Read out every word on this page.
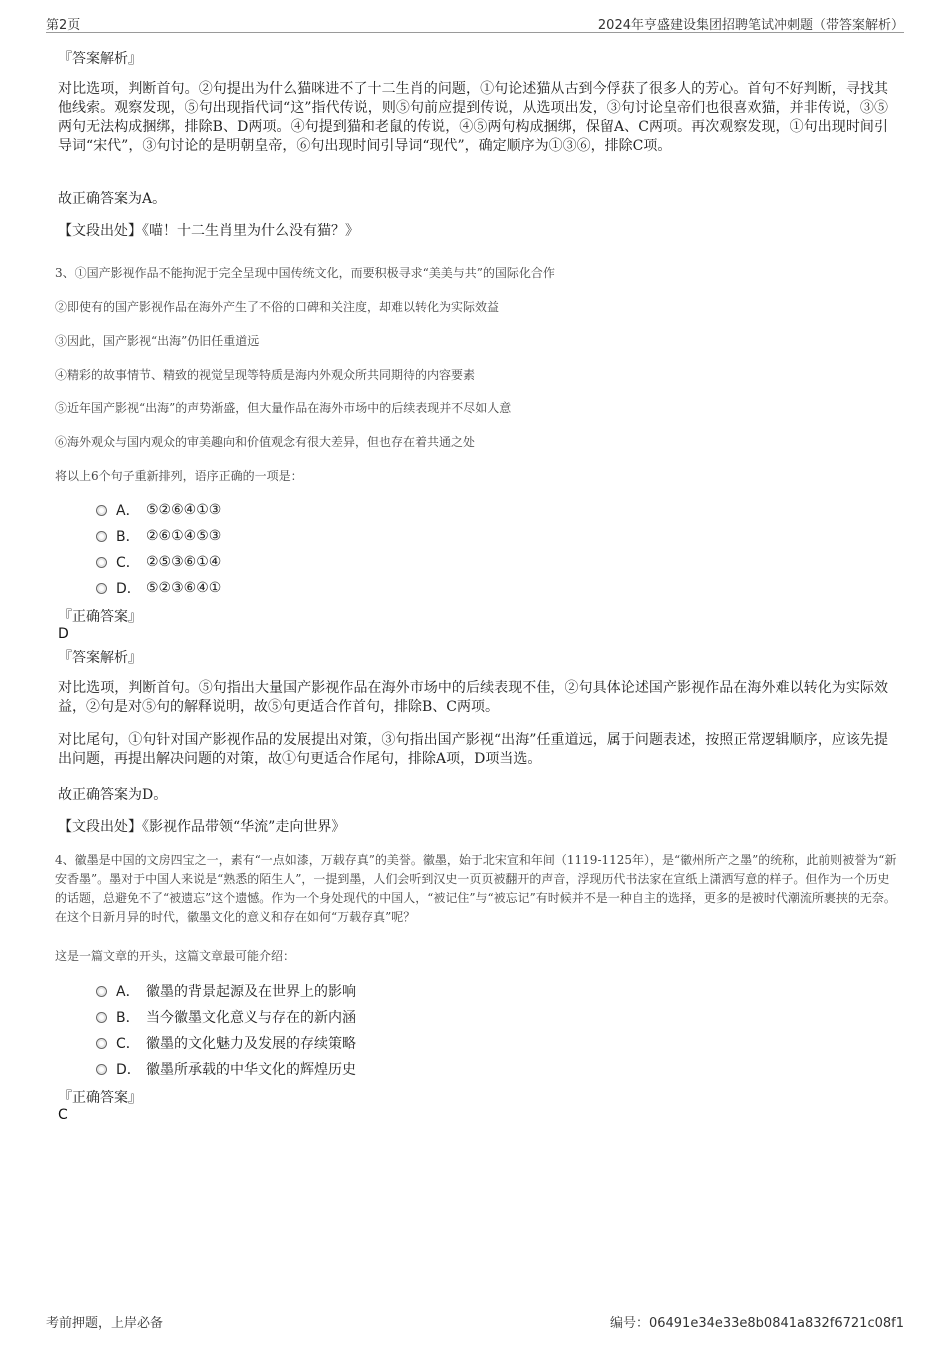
第2页	2024年亨盛建设集团招聘笔试冲刺题（带答案解析）
『答案解析』
对比选项，判断首句。②句提出为什么猫咪进不了十二生肖的问题，①句论述猫从古到今俘获了很多人的芳心。首句不好判断，寻找其他线索。观察发现，⑤句出现指代词“这”指代传说，则⑤句前应提到传说，从选项出发，③句讨论皇帝们也很喜欢猫，并非传说，③⑤两句无法构成捆绑，排除B、D两项。④句提到猫和老鼠的传说，④⑤两句构成捆绑，保留A、C两项。再次观察发现，①句出现时间引导词“宋代”，③句讨论的是明朝皇帝，⑥句出现时间引导词“现代”，确定顺序为①③⑥，排除C项。
故正确答案为A。
【文段出处】《喵！十二生肖里为什么没有猫？》
3、①国产影视作品不能拘泥于完全呈现中国传统文化，而要积极寻求“美美与共”的国际化合作
②即使有的国产影视作品在海外产生了不俗的口碑和关注度，却难以转化为实际效益
③因此，国产影视“出海”仍旧任重道远
④精彩的故事情节、精致的视觉呈现等特质是海内外观众所共同期待的内容要素
⑤近年国产影视“出海”的声势渐盛，但大量作品在海外市场中的后续表现并不尽如人意
⑥海外观众与国内观众的审美趣向和价值观念有很大差异，但也存在着共通之处
将以上6个句子重新排列，语序正确的一项是：
A． ⑤②⑥④①③
B． ②⑥①④⑤③
C． ②⑤③⑥①④
D． ⑤②③⑥④①
『正确答案』
D
『答案解析』
对比选项，判断首句。⑤句指出大量国产影视作品在海外市场中的后续表现不佳，②句具体论述国产影视作品在海外难以转化为实际效益，②句是对⑤句的解释说明，故⑤句更适合作首句，排除B、C两项。
对比尾句，①句针对国产影视作品的发展提出对策，③句指出国产影视“出海”任重道远，属于问题表述，按照正常逻辑顺序，应该先提出问题，再提出解决问题的对策，故①句更适合作尾句，排除A项，D项当选。
故正确答案为D。
【文段出处】《影视作品带领“华流”走向世界》
4、徽墨是中国的文房四宝之一，素有“一点如漆，万载存真”的美誉。徽墨，始于北宋宣和年间（1119-1125年），是“徽州所产之墨”的统称，此前则被誉为“新安香墨”。墨对于中国人来说是“熟悉的陌生人”，一提到墨，人们会听到汉史一页页被翻开的声音，浮现历代书法家在宣纸上潇洒写意的样子。但作为一个历史的话题，总避免不了“被遗忘”这个遗憾。作为一个身处现代的中国人，“被记住”与“被忘记”有时候并不是一种自主的选择，更多的是被时代潮流所裹挟的无奈。在这个日新月异的时代，徽墨文化的意义和存在如何“万载存真”呢？
这是一篇文章的开头，这篇文章最可能介绍：
A． 徽墨的背景起源及在世界上的影响
B． 当今徽墨文化意义与存在的新内涵
C． 徽墨的文化魅力及发展的存续策略
D． 徽墨所承载的中华文化的辉煌历史
『正确答案』
C
考前押题，上岸必备	编号：06491e34e33e8b0841a832f6721c08f1
